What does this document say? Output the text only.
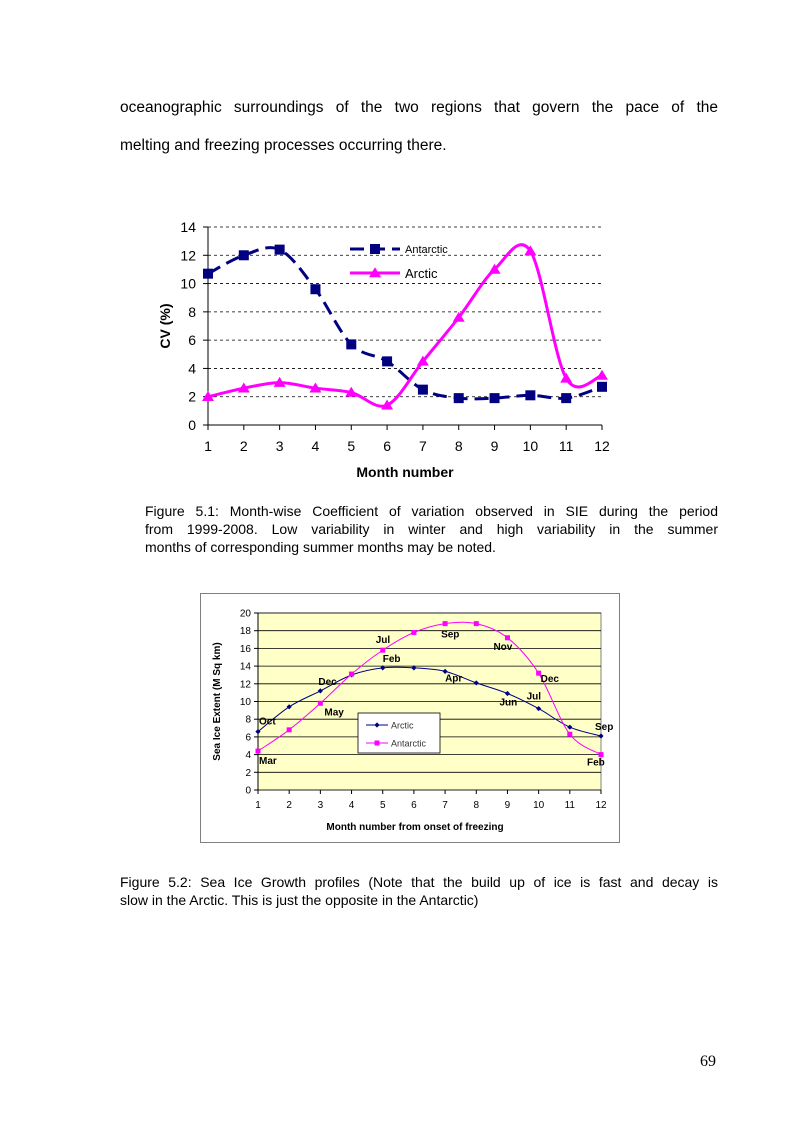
oceanographic surroundings of the two regions that govern the pace of the
melting and freezing processes occurring there.
0
2
4
6
8
10
12
14
1 2 3 4 5 6 7 8 9 10 11 12
Month number
CV (%)
Antarctic
Arctic
Figure 5.1: Month-wise Coefficient of variation observed in SIE during the period
from 1999-2008. Low variability in winter and high variability in the summer
months of corresponding summer months may be noted.
0
2
4
6
8
10
12
14
16
18
20
1	2	3	4	5	6	7	8	9 10 11 12
Month number from onset of freezing
Sea Ice Extent (M Sq km)	Oct
Dec
Feb
Apr
Jun
Jul
Sep
Mar
May
Jul
Sep
Nov
Dec
Feb
Arctic
Antarctic
Figure 5.2: Sea Ice Growth profiles (Note that the build up of ice is fast and decay is
slow in the Arctic. This is just the opposite in the Antarctic)
69
